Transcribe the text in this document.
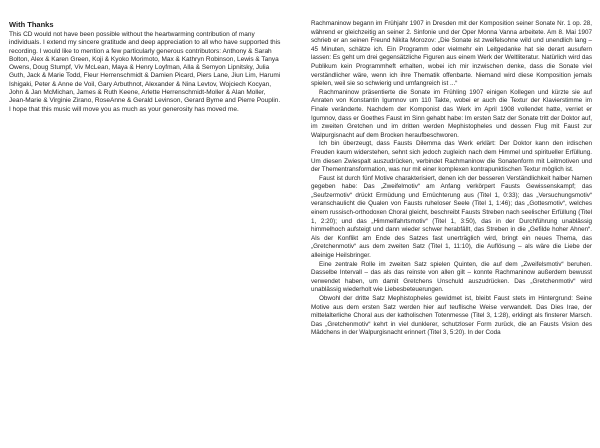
With Thanks

This CD would not have been possible without the heartwarming contribution of many individuals. I extend my sincere gratitude and deep appreciation to all who have supported this recording. I would like to mention a few particularly generous contributors: Anthony & Sarah Bolton, Alex & Karen Green, Koji & Kyoko Morimoto, Max & Kathryn Robinson, Lewis & Tanya Owens, Doug Stumpf, Viv McLean, Maya & Henry Loyfman, Alla & Semyon Lipnitsky, Julia Guth, Jack & Marie Todd, Fleur Herrenschmidt & Damien Picard, Piers Lane, Jiun Lim, Harumi Ishigaki, Peter & Anne de Voil, Gary Arbuthnot, Alexander & Nina Levtov, Wojciech Kocyan, John & Jan McMichan, James & Ruth Keene, Arlette Herrenschmidt-Moller & Alan Moller, Jean-Marie & Virginie Zirano, RoseAnne & Gerald Levinson, Gerard Byrne and Pierre Pouplin. I hope that this music will move you as much as your generosity has moved me.

Rachmaninow begann im Frühjahr 1907 in Dresden mit der Komposition seiner Sonate Nr. 1 op. 28, während er gleichzeitig an seiner 2. Sinfonie und der Oper Monna Vanna arbeitete. Am 8. Mai 1907 schrieb er an seinen Freund Nikita Morozov: „Die Sonate ist zweifelsohne wild und unendlich lang – 45 Minuten, schätze ich. Ein Programm oder vielmehr ein Leitgedanke hat sie derart ausufern lassen: Es geht um drei gegensätzliche Figuren aus einem Werk der Weltliteratur. Natürlich wird das Publikum kein Programmheft erhalten, wobei ich mir inzwischen denke, dass die Sonate viel verständlicher wäre, wenn ich ihre Thematik offenbarte. Niemand wird diese Komposition jemals spielen, weil sie so schwierig und umfangreich ist ...“

Rachmaninow präsentierte die Sonate im Frühling 1907 einigen Kollegen und kürzte sie auf Anraten von Konstantin Igumnov um 110 Takte, wobei er auch die Textur der Klavierstimme im Finale veränderte. Nachdem der Komponist das Werk im April 1908 vollendet hatte, verriet er Igumnov, dass er Goethes Faust im Sinn gehabt habe: Im ersten Satz der Sonate tritt der Doktor auf, im zweiten Gretchen und im dritten werden Mephistopheles und dessen Flug mit Faust zur Walpurgisnacht auf dem Brocken heraufbeschworen.

Ich bin überzeugt, dass Fausts Dilemma das Werk erklärt: Der Doktor kann den irdischen Freuden kaum widerstehen, sehnt sich jedoch zugleich nach dem Himmel und spiritueller Erfüllung. Um diesen Zwiespalt auszudrücken, verbindet Rachmaninow die Sonatenform mit Leitmotiven und der Thementransformation, was nur mit einer komplexen kontrapunktischen Textur möglich ist.

Faust ist durch fünf Motive charakterisiert, denen ich der besseren Verständlichkeit halber Namen gegeben habe: Das „Zweifelmotiv“ am Anfang verkörpert Fausts Gewissenskampf; das „Seufzermotiv“ drückt Ermüdung und Ernüchterung aus (Titel 1, 0:33); das „Versuchungsmotiv“ veranschaulicht die Qualen von Fausts ruheloser Seele (Titel 1, 1:46); das „Gottesmotiv“, welches einem russisch-orthodoxen Choral gleicht, beschreibt Fausts Streben nach seelischer Erfüllung (Titel 1, 2:20); und das „Himmelfahrtsmotiv“ (Titel 1, 3:50), das in der Durchführung unablässig himmelhoch aufsteigt und dann wieder schwer herabfällt, das Streben in die „Gefilde hoher Ahnen“. Als der Konflikt am Ende des Satzes fast unerträglich wird, bringt ein neues Thema, das „Gretchenmotiv“ aus dem zweiten Satz (Titel 1, 11:10), die Auflösung – als wäre die Liebe der alleinige Heilsbringer.

Eine zentrale Rolle im zweiten Satz spielen Quinten, die auf dem „Zweifelsmotiv“ beruhen. Dasselbe Intervall – das als das reinste von allen gilt – konnte Rachmaninow außerdem bewusst verwendet haben, um damit Gretchens Unschuld auszudrücken. Das „Gretchenmotiv“ wird unablässig wiederholt wie Liebesbeteuerungen.

Obwohl der dritte Satz Mephistopheles gewidmet ist, bleibt Faust stets im Hintergrund: Seine Motive aus dem ersten Satz werden hier auf teuflische Weise verwandelt. Das Dies Irae, der mittelalterliche Choral aus der katholischen Totenmesse (Titel 3, 1:28), erklingt als finsterer Marsch. Das „Gretchenmotiv“ kehrt in viel dunklerer, schutzloser Form zurück, die an Fausts Vision des Mädchens in der Walpurgisnacht erinnert (Titel 3, 5:20). In der Coda
